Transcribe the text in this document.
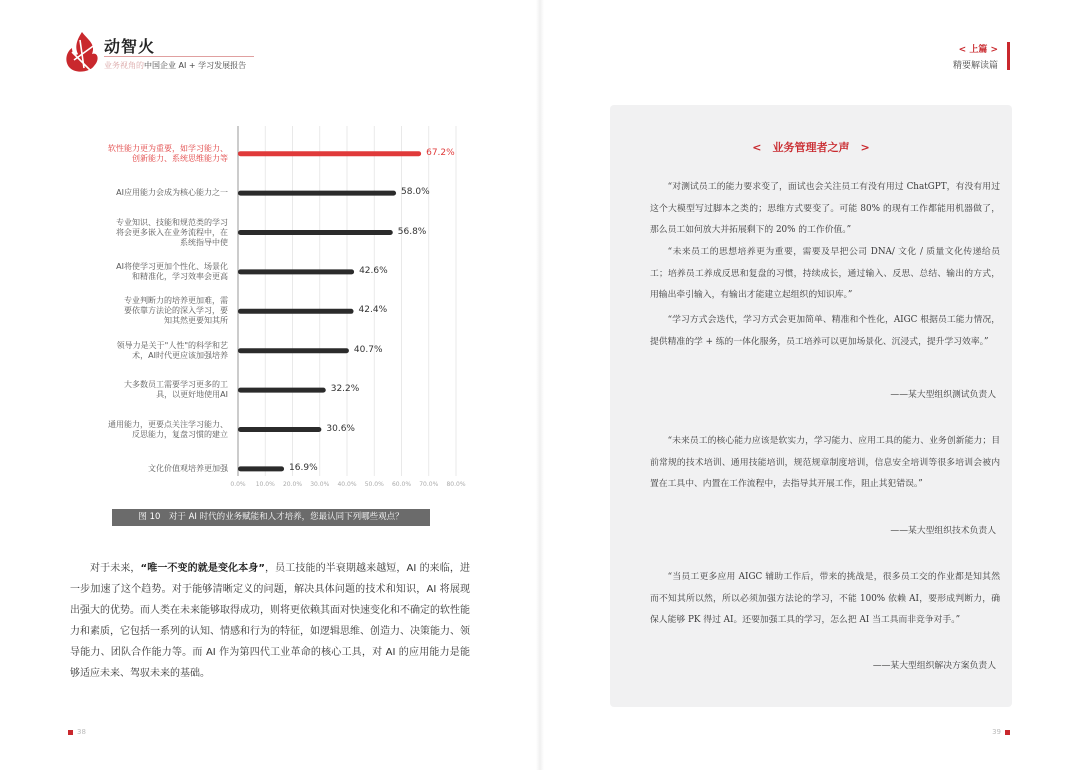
动智火
业务视角的中国企业 AI + 学习发展报告
0.0% 10.0% 20.0% 30.0% 40.0% 50.0% 60.0% 70.0% 80.0%
67.2%
软性能力更为重要，如学习能力、
创新能力、系统思维能力等
58.0%
AI应用能力会成为核心能力之一
56.8%
专业知识、技能和规范类的学习
将会更多嵌入在业务流程中，在
系统指导中使
42.6%
AI将使学习更加个性化、场景化
和精准化，学习效率会更高
42.4%
专业判断力的培养更加难，需
要依靠方法论的深入学习，要
知其然更要知其所
40.7%
领导力是关于"人性"的科学和艺
术，AI时代更应该加强培养
32.2%
大多数员工需要学习更多的工
具，以更好地使用AI
30.6%
通用能力，更要点关注学习能力、
反思能力，复盘习惯的建立
16.9%
文化价值观培养更加强
图 10　对于 AI 时代的业务赋能和人才培养，您最认同下列哪些观点？

对于未来，“唯一不变的就是变化本身”，员工技能的半衰期越来越短，AI 的来临，进一步加速了这个趋势。对于能够清晰定义的问题，解决具体问题的技术和知识，AI 将展现出强大的优势。而人类在未来能够取得成功，则将更依赖其面对快速变化和不确定的软性能力和素质，它包括一系列的认知、情感和行为的特征，如逻辑思维、创造力、决策能力、领导能力、团队合作能力等。而 AI 作为第四代工业革命的核心工具，对 AI 的应用能力是能够适应未来、驾驭未来的基础。

38
< 上篇 >
精要解读篇
<　业务管理者之声　>

“对测试员工的能力要求变了，面试也会关注员工有没有用过 ChatGPT，有没有用过这个大模型写过脚本之类的；思维方式要变了。可能 80% 的现有工作都能用机器做了，那么员工如何放大并拓展剩下的 20% 的工作价值。”

“未来员工的思想培养更为重要，需要及早把公司 DNA/ 文化 / 质量文化传递给员工；培养员工养成反思和复盘的习惯，持续成长，通过输入、反思、总结、输出的方式，用输出牵引输入，有输出才能建立起组织的知识库。”

“学习方式会迭代，学习方式会更加简单、精准和个性化，AIGC 根据员工能力情况，提供精准的学 + 练的一体化服务，员工培养可以更加场景化、沉浸式，提升学习效率。”

——某大型组织测试负责人

“未来员工的核心能力应该是软实力，学习能力、应用工具的能力、业务创新能力；目前常规的技术培训、通用技能培训，规范规章制度培训，信息安全培训等很多培训会被内置在工具中、内置在工作流程中，去指导其开展工作，阻止其犯错误。”

——某大型组织技术负责人

“当员工更多应用 AIGC 辅助工作后，带来的挑战是，很多员工交的作业都是知其然而不知其所以然，所以必须加强方法论的学习，不能 100% 依赖 AI，要形成判断力，确保人能够 PK 得过 AI。还要加强工具的学习，怎么把 AI 当工具而非竞争对手。”

——某大型组织解决方案负责人
39
